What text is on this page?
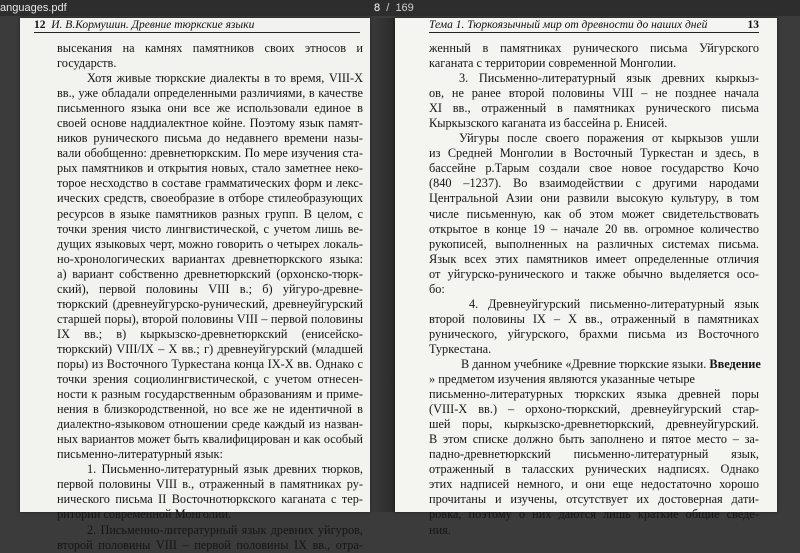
anguages.pdf	8 / 169
12 И. В.Кормушин. Древние тюркские языки
высекания на камнях памятников своих этносов и
государств.
Хотя живые тюркские диалекты в то время, VIII-X
вв., уже обладали определенными различиями, в качестве
письменного языка они все же использовали единое в
своей основе наддиалектное койне. Поэтому язык памят-
ников рунического письма до недавнего времени назы-
вали обобщенно: древнетюркским. По мере изучения ста-
рых памятников и открытия новых, стало заметнее неко-
торое несходство в составе грамматических форм и лекс-
ических средств, своеобразие в отборе стилеобразующих
ресурсов в языке памятников разных групп. В целом, с
точки зрения чисто лингвистической, с учетом лишь ве-
дущих языковых черт, можно говорить о четырех локаль-
но-хронологических вариантах древнетюркского языка:
а) вариант собственно древнетюркский (орхонско-тюрк-
ский), первой половины VIII в.; б) уйгуро-древне-
тюркский (древнеуйгурско-рунический, древнеуйгурский
старшей поры), второй половины VIII – первой половины
IX вв.; в) кыркызско-древнетюркский (енисейско-
тюркский) VIII/IX – X вв.; г) древнеуйгурский (младшей
поры) из Восточного Туркестана конца IX-X вв. Однако с
точки зрения социолингвистической, с учетом отнесен-
ности к разным государственным образованиям и приме-
нения в близкородственной, но все же не идентичной в
диалектно-языковом отношении среде каждый из назван-
ных вариантов может быть квалифицирован и как особый
письменно-литературный язык:
1. Письменно-литературный язык древних тюрков,
первой половины VIII в., отраженный в памятниках ру-
нического письма II Восточнотюркского каганата с тер-
ритории современной Монголии.
2. Письменно-литературный язык древних уйгуров,
второй половины VIII – первой половины IX вв., отра-
Тема 1. Тюркоязычный мир от древности до наших дней	13
женный в памятниках рунического письма Уйгурского
каганата с территории современной Монголии.
3. Письменно-литературный язык древних кыркыз-
ов, не ранее второй половины VIII – не позднее начала
XI вв., отраженный в памятниках рунического письма
Кыркызского каганата из бассейна р. Енисей.
Уйгуры после своего поражения от кыркызов ушли
из Средней Монголии в Восточный Туркестан и здесь, в
бассейне р.Тарым создали свое новое государство Кочо
(840 –1237). Во взаимодействии с другими народами
Центральной Азии они развили высокую культуру, в том
числе письменную, как об этом может свидетельствовать
открытое в конце 19 – начале 20 вв. огромное количество
рукописей, выполненных на различных системах письма.
Язык всех этих памятников имеет определенные отличия
от уйгурско-рунического и также обычно выделяется осо-
бо:
4. Древнеуйгурский письменно-литературный язык
второй половины IX – X вв., отраженный в памятниках
рунического, уйгурского, брахми письма из Восточного
Туркестана.
В данном учебнике «Древние тюркские языки. Введение
» предметом изучения являются указанные четыре
письменно-литературных тюркских языка древней поры
(VIII-X вв.) – орхоно-тюркский, древнеуйгурский стар-
шей поры, кыркызско-древнетюркский, древнеуйгурский.
В этом списке должно быть заполнено и пятое место – за-
падно-древнетюркский письменно-литературный язык,
отраженный в таласских рунических надписях. Однако
этих надписей немного, и они еще недостаточно хорошо
прочитаны и изучены, отсутствует их достоверная дати-
ровка, поэтому о них даются лишь краткие общие сведе-
ния.
